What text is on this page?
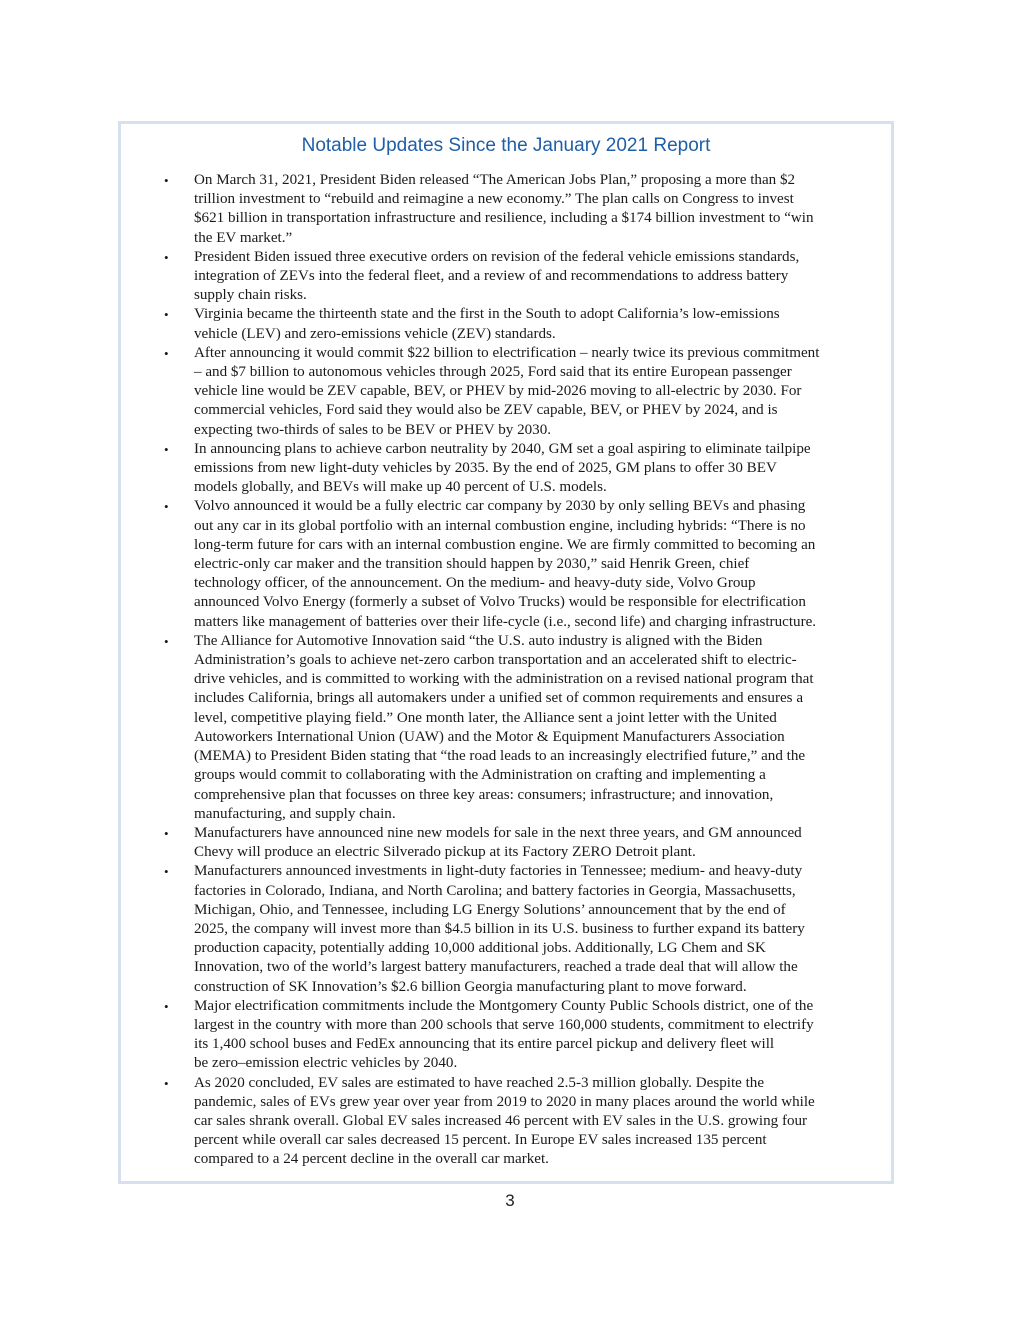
Notable Updates Since the January 2021 Report
• On March 31, 2021, President Biden released “The American Jobs Plan,” proposing a more than $2
trillion investment to “rebuild and reimagine a new economy.” The plan calls on Congress to invest
$621 billion in transportation infrastructure and resilience, including a $174 billion investment to “win
the EV market.”
• President Biden issued three executive orders on revision of the federal vehicle emissions standards,
integration of ZEVs into the federal fleet, and a review of and recommendations to address battery
supply chain risks.
• Virginia became the thirteenth state and the first in the South to adopt California’s low-emissions
vehicle (LEV) and zero-emissions vehicle (ZEV) standards.
• After announcing it would commit $22 billion to electrification – nearly twice its previous commitment
– and $7 billion to autonomous vehicles through 2025, Ford said that its entire European passenger
vehicle line would be ZEV capable, BEV, or PHEV by mid-2026 moving to all-electric by 2030. For
commercial vehicles, Ford said they would also be ZEV capable, BEV, or PHEV by 2024, and is
expecting two-thirds of sales to be BEV or PHEV by 2030.
• In announcing plans to achieve carbon neutrality by 2040, GM set a goal aspiring to eliminate tailpipe
emissions from new light-duty vehicles by 2035. By the end of 2025, GM plans to offer 30 BEV
models globally, and BEVs will make up 40 percent of U.S. models.
• Volvo announced it would be a fully electric car company by 2030 by only selling BEVs and phasing
out any car in its global portfolio with an internal combustion engine, including hybrids: “There is no
long-term future for cars with an internal combustion engine. We are firmly committed to becoming an
electric-only car maker and the transition should happen by 2030,” said Henrik Green, chief
technology officer, of the announcement. On the medium- and heavy-duty side, Volvo Group
announced Volvo Energy (formerly a subset of Volvo Trucks) would be responsible for electrification
matters like management of batteries over their life-cycle (i.e., second life) and charging infrastructure.
• The Alliance for Automotive Innovation said “the U.S. auto industry is aligned with the Biden
Administration’s goals to achieve net-zero carbon transportation and an accelerated shift to electric-
drive vehicles, and is committed to working with the administration on a revised national program that
includes California, brings all automakers under a unified set of common requirements and ensures a
level, competitive playing field.” One month later, the Alliance sent a joint letter with the United
Autoworkers International Union (UAW) and the Motor & Equipment Manufacturers Association
(MEMA) to President Biden stating that “the road leads to an increasingly electrified future,” and the
groups would commit to collaborating with the Administration on crafting and implementing a
comprehensive plan that focusses on three key areas: consumers; infrastructure; and innovation,
manufacturing, and supply chain.
• Manufacturers have announced nine new models for sale in the next three years, and GM announced
Chevy will produce an electric Silverado pickup at its Factory ZERO Detroit plant.
• Manufacturers announced investments in light-duty factories in Tennessee; medium- and heavy-duty
factories in Colorado, Indiana, and North Carolina; and battery factories in Georgia, Massachusetts,
Michigan, Ohio, and Tennessee, including LG Energy Solutions’ announcement that by the end of
2025, the company will invest more than $4.5 billion in its U.S. business to further expand its battery
production capacity, potentially adding 10,000 additional jobs. Additionally, LG Chem and SK
Innovation, two of the world’s largest battery manufacturers, reached a trade deal that will allow the
construction of SK Innovation’s $2.6 billion Georgia manufacturing plant to move forward.
• Major electrification commitments include the Montgomery County Public Schools district, one of the
largest in the country with more than 200 schools that serve 160,000 students, commitment to electrify
its 1,400 school buses and FedEx announcing that its entire parcel pickup and delivery fleet will
be zero–emission electric vehicles by 2040.
• As 2020 concluded, EV sales are estimated to have reached 2.5-3 million globally. Despite the
pandemic, sales of EVs grew year over year from 2019 to 2020 in many places around the world while
car sales shrank overall. Global EV sales increased 46 percent with EV sales in the U.S. growing four
percent while overall car sales decreased 15 percent. In Europe EV sales increased 135 percent
compared to a 24 percent decline in the overall car market.
3
